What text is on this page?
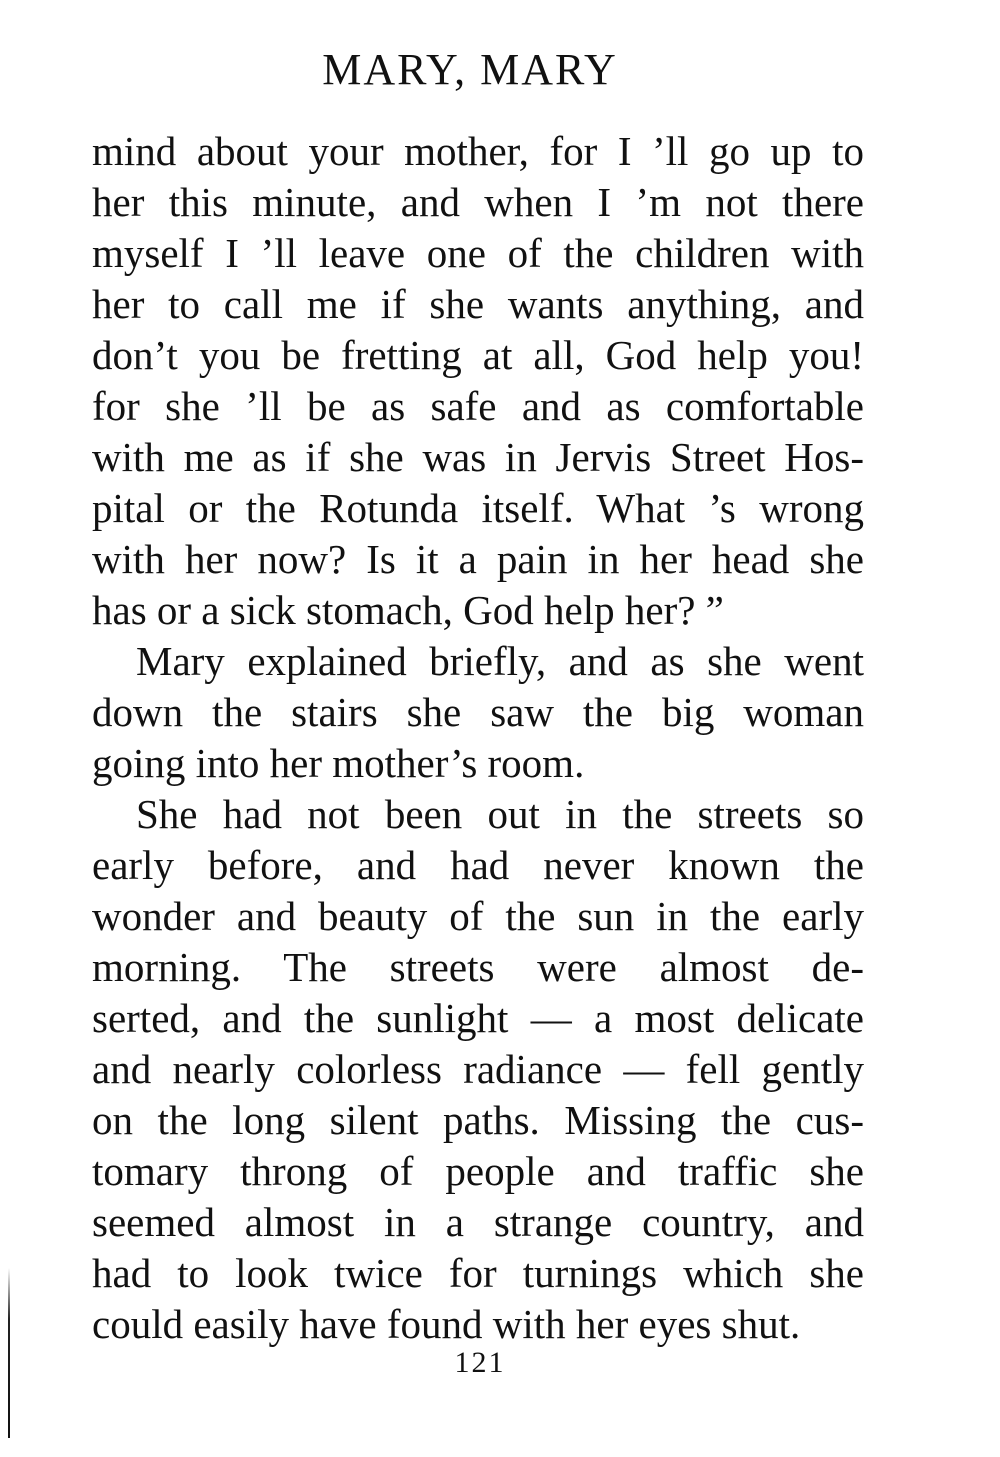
MARY, MARY
mind about your mother, for I ’ll go up to
her this minute, and when I ’m not there
myself I ’ll leave one of the children with
her to call me if she wants anything, and
don’t you be fretting at all, God help you!
for she ’ll be as safe and as comfortable
with me as if she was in Jervis Street Hos-
pital or the Rotunda itself. What ’s wrong
with her now? Is it a pain in her head she
has or a sick stomach, God help her? ”
Mary explained briefly, and as she went
down the stairs she saw the big woman
going into her mother’s room.
She had not been out in the streets so
early before, and had never known the
wonder and beauty of the sun in the early
morning. The streets were almost de-
serted, and the sunlight — a most delicate
and nearly colorless radiance — fell gently
on the long silent paths. Missing the cus-
tomary throng of people and traffic she
seemed almost in a strange country, and
had to look twice for turnings which she
could easily have found with her eyes shut.
121
